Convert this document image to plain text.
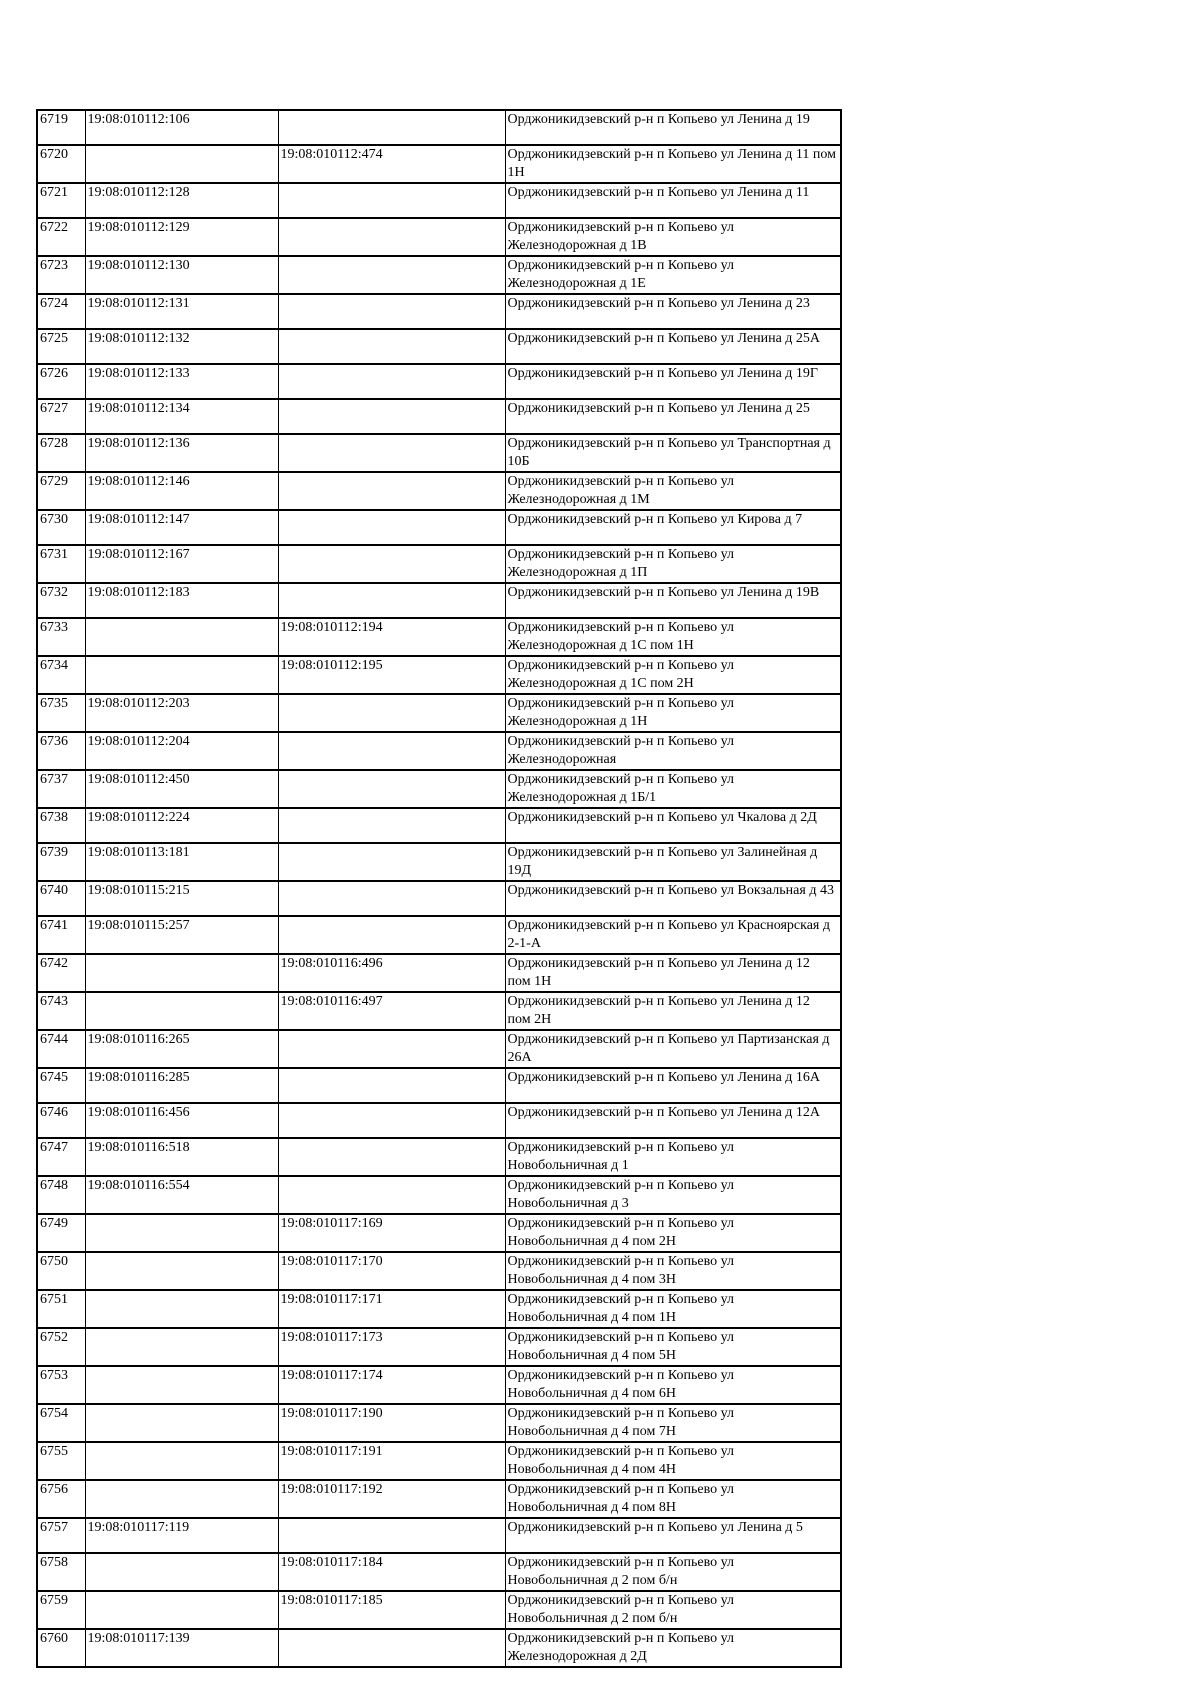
6719	19:08:010112:106		Орджоникидзевский р-н п Копьево ул Ленина д 19
6720		19:08:010112:474	Орджоникидзевский р-н п Копьево ул Ленина д 11 пом 1Н
6721	19:08:010112:128		Орджоникидзевский р-н п Копьево ул Ленина д 11
6722	19:08:010112:129		Орджоникидзевский р-н п Копьево ул Железнодорожная д 1В
6723	19:08:010112:130		Орджоникидзевский р-н п Копьево ул Железнодорожная д 1Е
6724	19:08:010112:131		Орджоникидзевский р-н п Копьево ул Ленина д 23
6725	19:08:010112:132		Орджоникидзевский р-н п Копьево ул Ленина д 25А
6726	19:08:010112:133		Орджоникидзевский р-н п Копьево ул Ленина д 19Г
6727	19:08:010112:134		Орджоникидзевский р-н п Копьево ул Ленина д 25
6728	19:08:010112:136		Орджоникидзевский р-н п Копьево ул Транспортная д 10Б
6729	19:08:010112:146		Орджоникидзевский р-н п Копьево ул Железнодорожная д 1М
6730	19:08:010112:147		Орджоникидзевский р-н п Копьево ул Кирова д 7
6731	19:08:010112:167		Орджоникидзевский р-н п Копьево ул Железнодорожная д 1П
6732	19:08:010112:183		Орджоникидзевский р-н п Копьево ул Ленина д 19В
6733		19:08:010112:194	Орджоникидзевский р-н п Копьево ул Железнодорожная д 1С пом 1Н
6734		19:08:010112:195	Орджоникидзевский р-н п Копьево ул Железнодорожная д 1С пом 2Н
6735	19:08:010112:203		Орджоникидзевский р-н п Копьево ул Железнодорожная д 1Н
6736	19:08:010112:204		Орджоникидзевский р-н п Копьево ул Железнодорожная
6737	19:08:010112:450		Орджоникидзевский р-н п Копьево ул Железнодорожная д 1Б/1
6738	19:08:010112:224		Орджоникидзевский р-н п Копьево ул Чкалова д 2Д
6739	19:08:010113:181		Орджоникидзевский р-н п Копьево ул Залинейная д 19Д
6740	19:08:010115:215		Орджоникидзевский р-н п Копьево ул Вокзальная д 43
6741	19:08:010115:257		Орджоникидзевский р-н п Копьево ул Красноярская д 2-1-А
6742		19:08:010116:496	Орджоникидзевский р-н п Копьево ул Ленина д 12 пом 1Н
6743		19:08:010116:497	Орджоникидзевский р-н п Копьево ул Ленина д 12 пом 2Н
6744	19:08:010116:265		Орджоникидзевский р-н п Копьево ул Партизанская д 26А
6745	19:08:010116:285		Орджоникидзевский р-н п Копьево ул Ленина д 16А
6746	19:08:010116:456		Орджоникидзевский р-н п Копьево ул Ленина д 12А
6747	19:08:010116:518		Орджоникидзевский р-н п Копьево ул Новобольничная д 1
6748	19:08:010116:554		Орджоникидзевский р-н п Копьево ул Новобольничная д 3
6749		19:08:010117:169	Орджоникидзевский р-н п Копьево ул Новобольничная д 4 пом 2Н
6750		19:08:010117:170	Орджоникидзевский р-н п Копьево ул Новобольничная д 4 пом 3Н
6751		19:08:010117:171	Орджоникидзевский р-н п Копьево ул Новобольничная д 4 пом 1Н
6752		19:08:010117:173	Орджоникидзевский р-н п Копьево ул Новобольничная д 4 пом 5Н
6753		19:08:010117:174	Орджоникидзевский р-н п Копьево ул Новобольничная д 4 пом 6Н
6754		19:08:010117:190	Орджоникидзевский р-н п Копьево ул Новобольничная д 4 пом 7Н
6755		19:08:010117:191	Орджоникидзевский р-н п Копьево ул Новобольничная д 4 пом 4Н
6756		19:08:010117:192	Орджоникидзевский р-н п Копьево ул Новобольничная д 4 пом 8Н
6757	19:08:010117:119		Орджоникидзевский р-н п Копьево ул Ленина д 5
6758		19:08:010117:184	Орджоникидзевский р-н п Копьево ул Новобольничная д 2 пом б/н
6759		19:08:010117:185	Орджоникидзевский р-н п Копьево ул Новобольничная д 2 пом б/н
6760	19:08:010117:139		Орджоникидзевский р-н п Копьево ул Железнодорожная д 2Д
